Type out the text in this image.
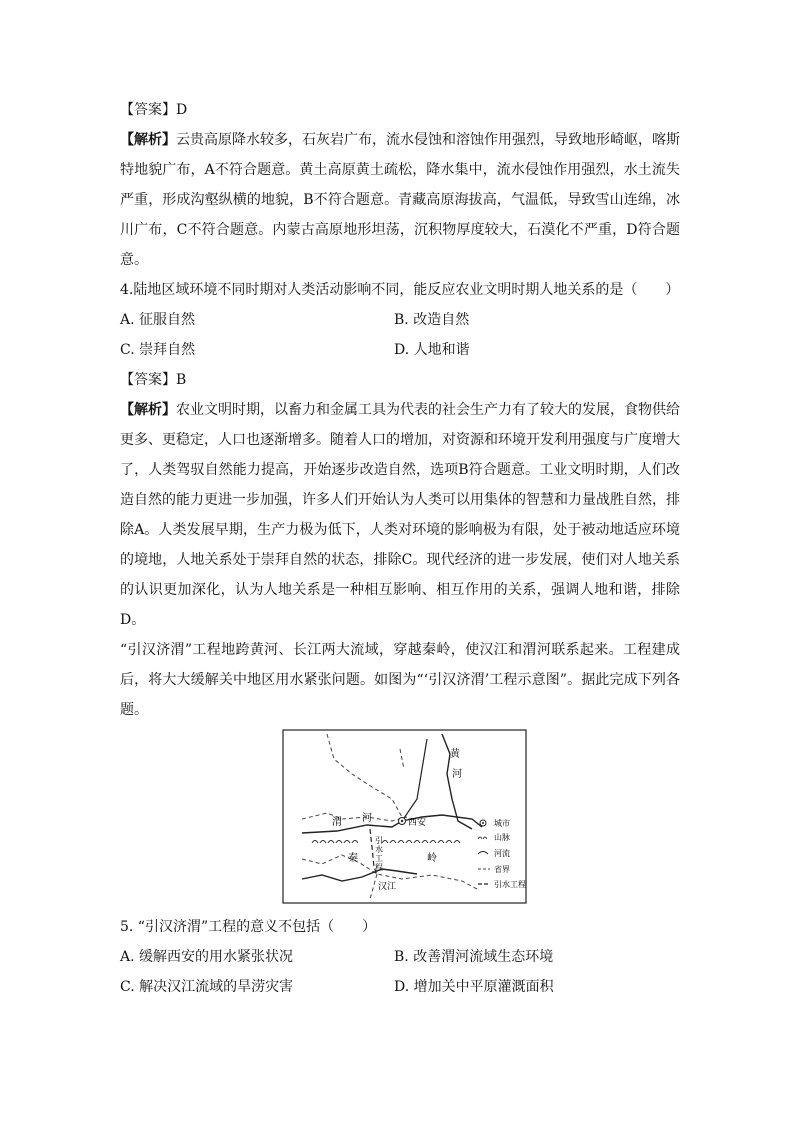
【答案】D

【解析】云贵高原降水较多，石灰岩广布，流水侵蚀和溶蚀作用强烈，导致地形崎岖，喀斯特地貌广布，A不符合题意。黄土高原黄土疏松，降水集中，流水侵蚀作用强烈，水土流失严重，形成沟壑纵横的地貌，B不符合题意。青藏高原海拔高，气温低，导致雪山连绵，冰川广布，C不符合题意。内蒙古高原地形坦荡，沉积物厚度较大，石漠化不严重，D符合题意。

4.陆地区域环境不同时期对人类活动影响不同，能反应农业文明时期人地关系的是（　　）

A. 征服自然	B. 改造自然
C. 崇拜自然	D. 人地和谐

【答案】B

【解析】农业文明时期，以畜力和金属工具为代表的社会生产力有了较大的发展，食物供给更多、更稳定，人口也逐渐增多。随着人口的增加，对资源和环境开发利用强度与广度增大了，人类驾驭自然能力提高，开始逐步改造自然，选项B符合题意。工业文明时期，人们改造自然的能力更进一步加强，许多人们开始认为人类可以用集体的智慧和力量战胜自然，排除A。人类发展早期，生产力极为低下，人类对环境的影响极为有限，处于被动地适应环境的境地，人地关系处于崇拜自然的状态，排除C。现代经济的进一步发展，使们对人地关系的认识更加深化，认为人地关系是一种相互影响、相互作用的关系，强调人地和谐，排除D。

“引汉济渭”工程地跨黄河、长江两大流域，穿越秦岭，使汉江和渭河联系起来。工程建成后，将大大缓解关中地区用水紧张问题。如图为“‘引汉济渭’工程示意图”。据此完成下列各题。

黄
河
渭 河	西安
秦	岭
汉江
引
水
工
程
城市
山脉
河流
省界
引水工程

5. “引汉济渭”工程的意义不包括（　　）

A. 缓解西安的用水紧张状况	B. 改善渭河流域生态环境
C. 解决汉江流域的旱涝灾害	D. 增加关中平原灌溉面积
